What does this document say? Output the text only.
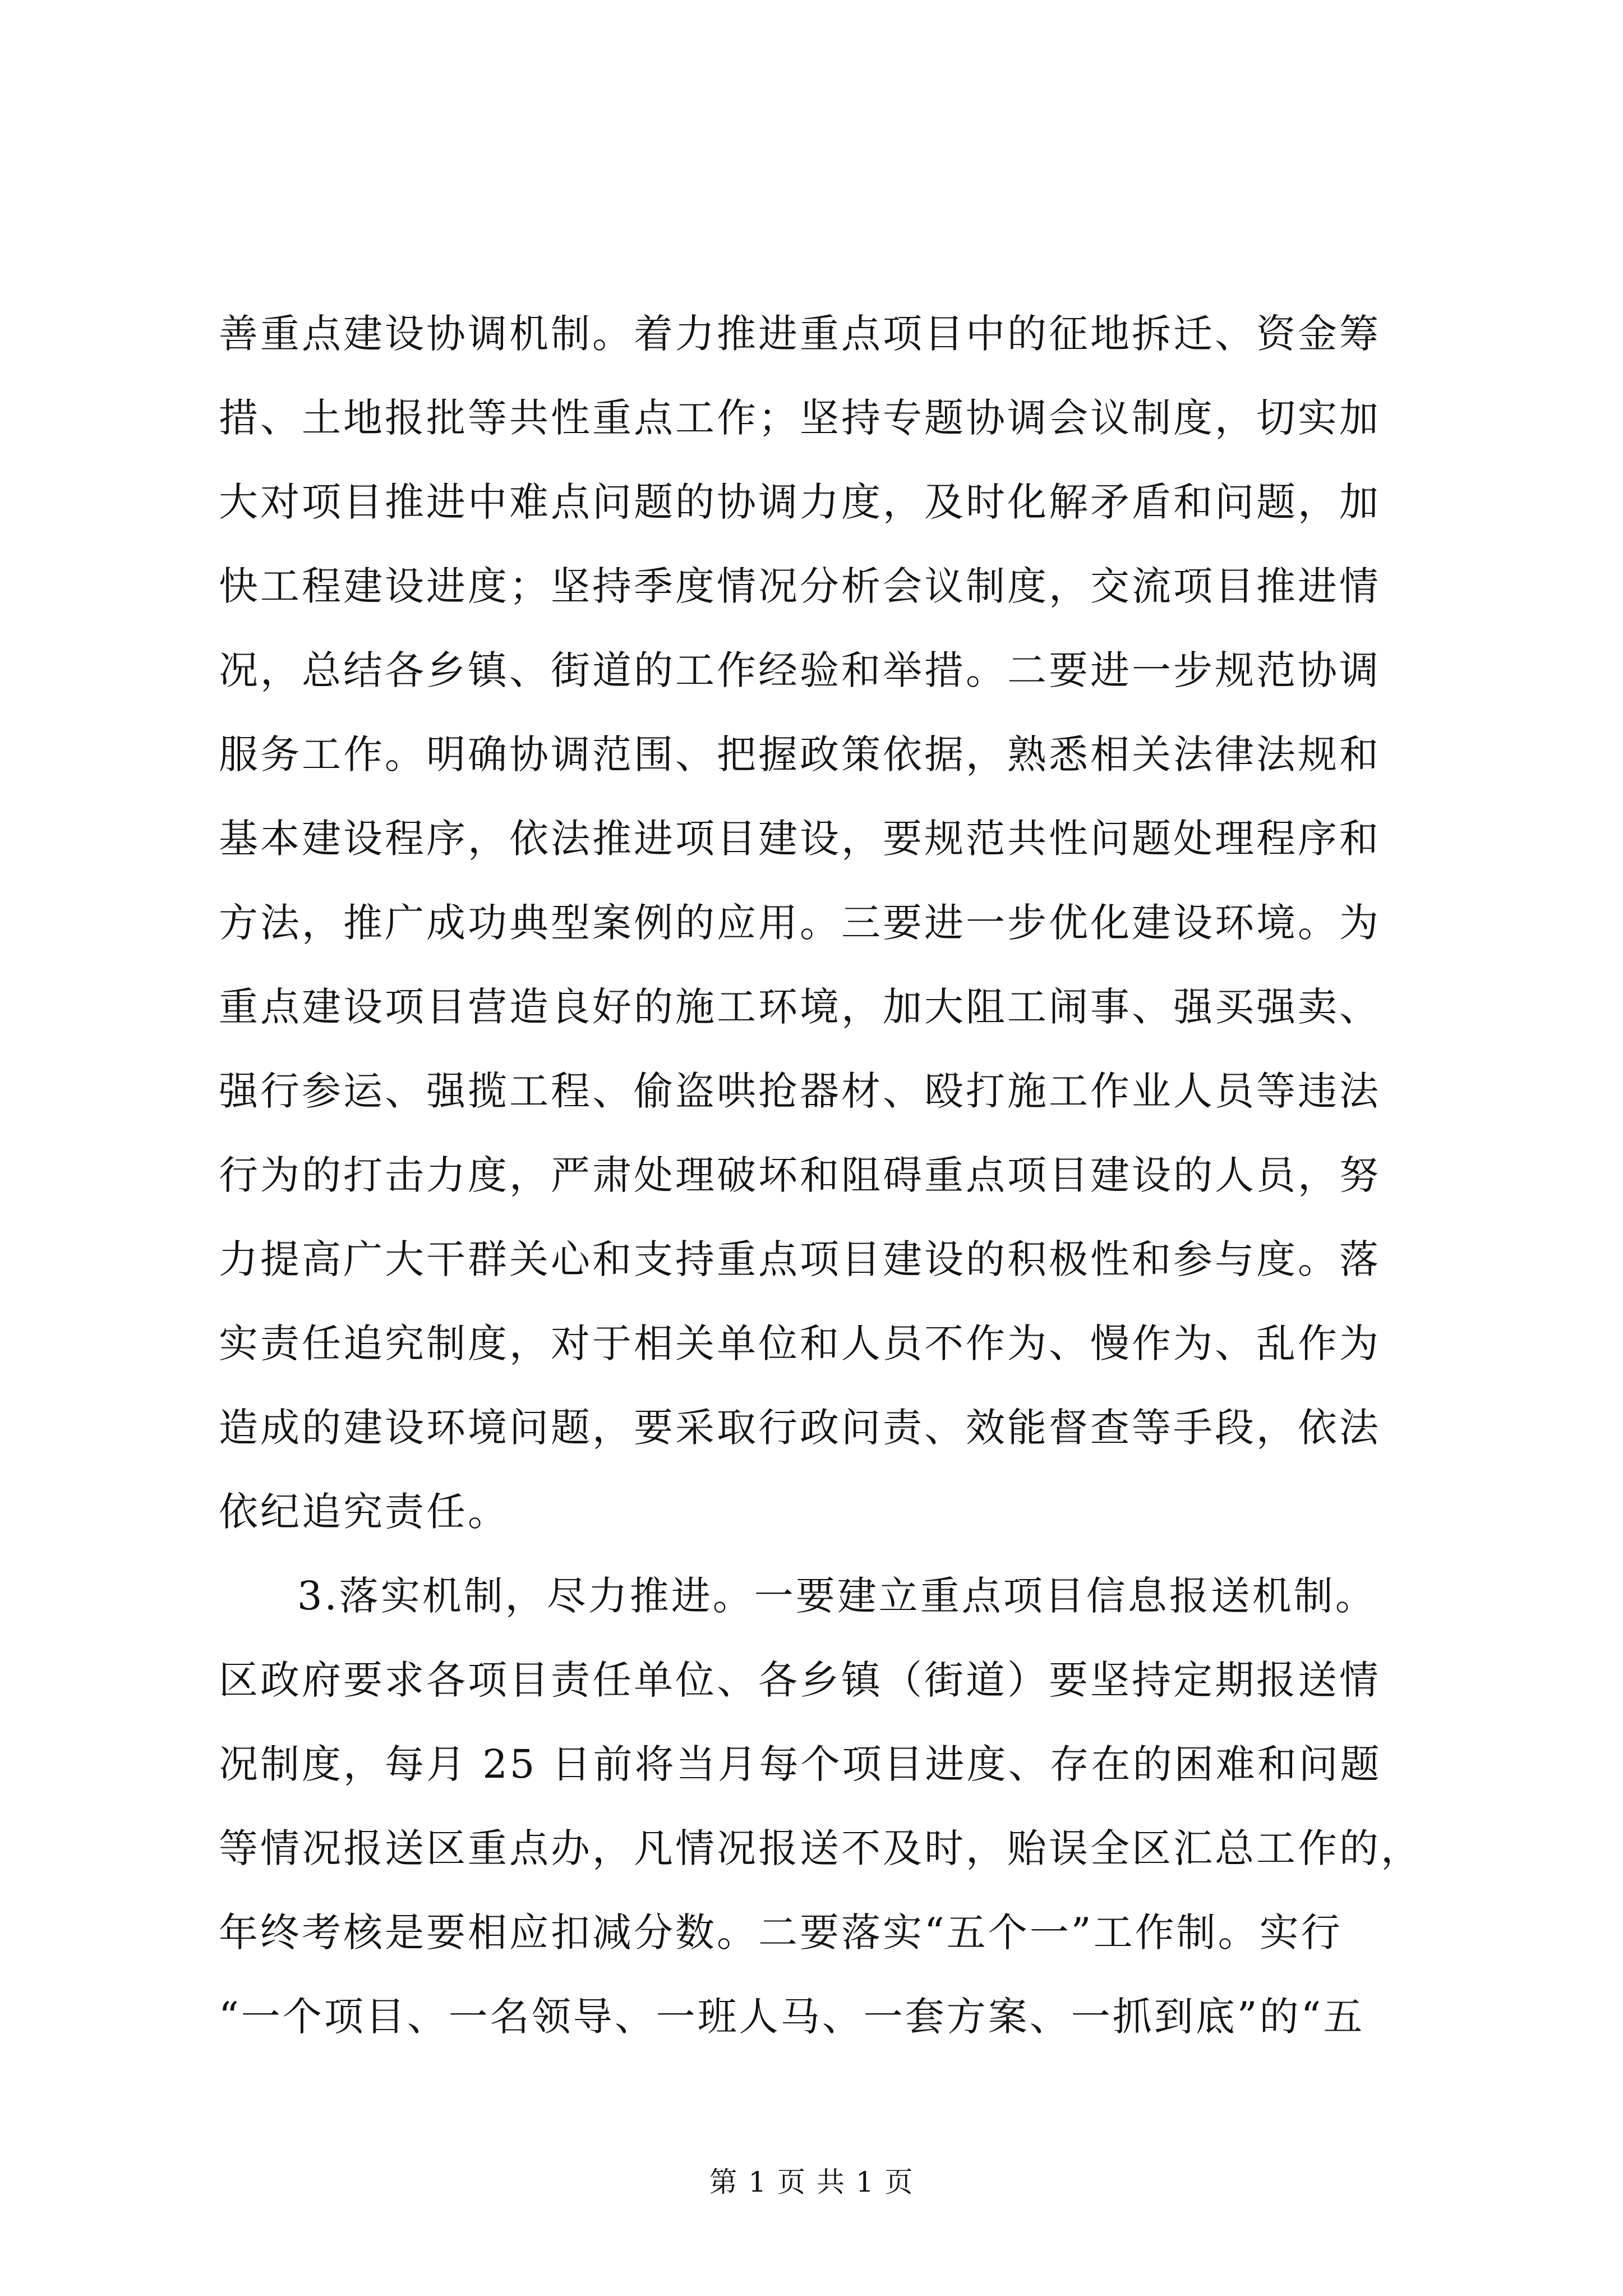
善重点建设协调机制。着力推进重点项目中的征地拆迁、资金筹
措、土地报批等共性重点工作；坚持专题协调会议制度，切实加
大对项目推进中难点问题的协调力度，及时化解矛盾和问题，加
快工程建设进度；坚持季度情况分析会议制度，交流项目推进情
况，总结各乡镇、街道的工作经验和举措。二要进一步规范协调
服务工作。明确协调范围、把握政策依据，熟悉相关法律法规和
基本建设程序，依法推进项目建设，要规范共性问题处理程序和
方法，推广成功典型案例的应用。三要进一步优化建设环境。为
重点建设项目营造良好的施工环境，加大阻工闹事、强买强卖、
强行参运、强揽工程、偷盗哄抢器材、殴打施工作业人员等违法
行为的打击力度，严肃处理破坏和阻碍重点项目建设的人员，努
力提高广大干群关心和支持重点项目建设的积极性和参与度。落
实责任追究制度，对于相关单位和人员不作为、慢作为、乱作为
造成的建设环境问题，要采取行政问责、效能督查等手段，依法
依纪追究责任。
3.落实机制，尽力推进。一要建立重点项目信息报送机制。
区政府要求各项目责任单位、各乡镇（街道）要坚持定期报送情
况制度，每月 25 日前将当月每个项目进度、存在的困难和问题
等情况报送区重点办，凡情况报送不及时，贻误全区汇总工作的，
年终考核是要相应扣减分数。二要落实“五个一”工作制。实行
“一个项目、一名领导、一班人马、一套方案、一抓到底”的“五
第 1 页 共 1 页
